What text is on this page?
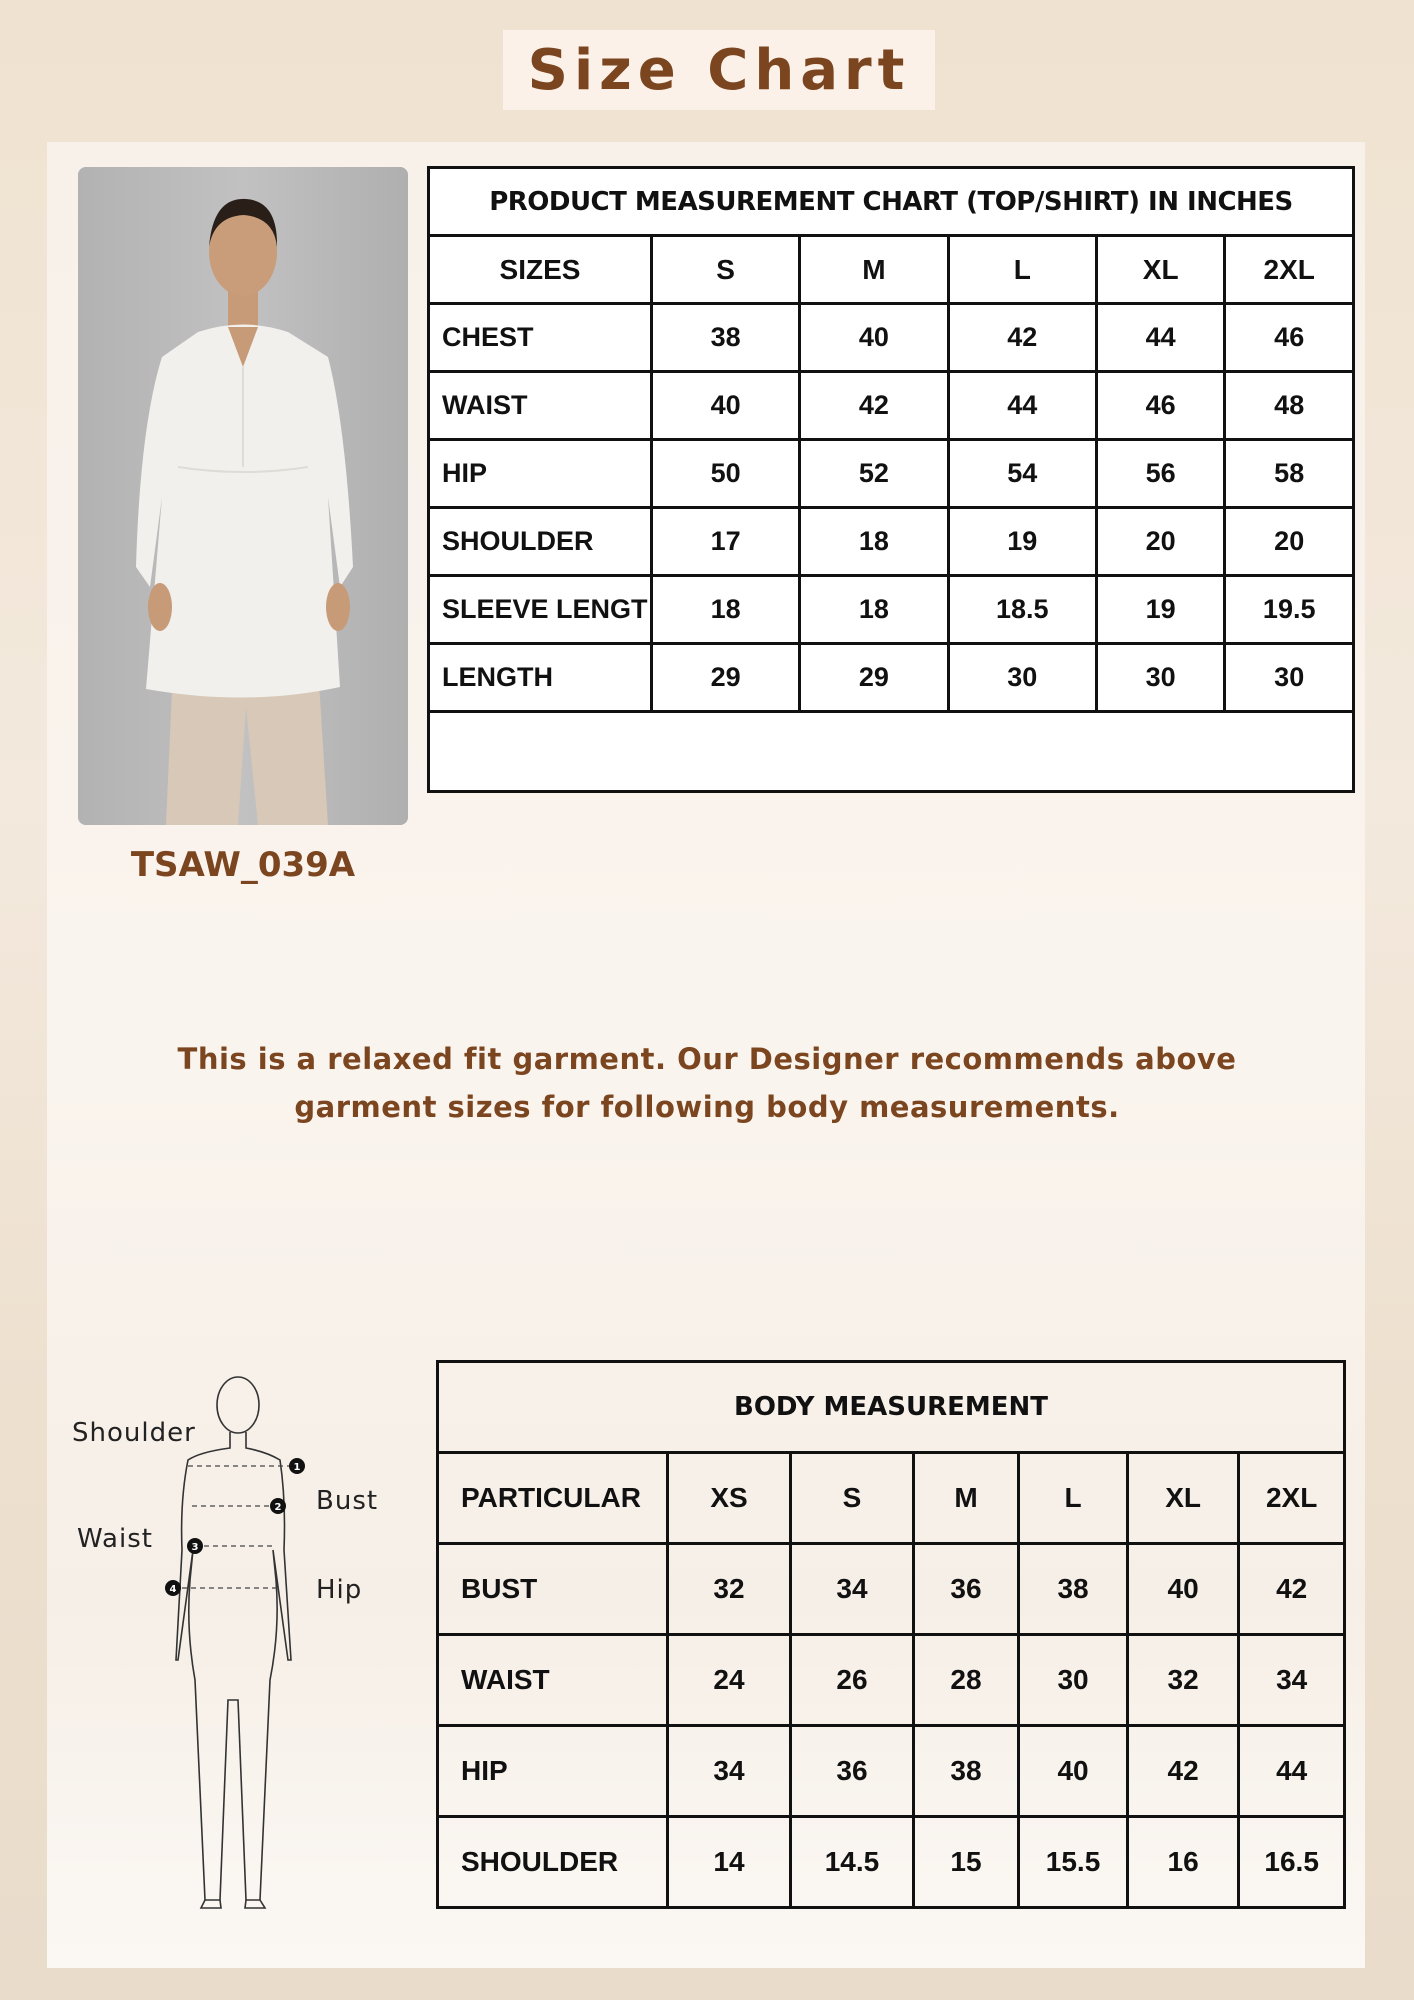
Size Chart
TSAW_039A
PRODUCT MEASUREMENT CHART (TOP/SHIRT) IN INCHES					
SIZES	S	M	L	XL	2XL
CHEST	38	40	42	44	46
WAIST	40	42	44	46	48
HIP	50	52	54	56	58
SHOULDER	17	18	19	20	20
SLEEVE LENGT	18	18	18.5	19	19.5
LENGTH	29	29	30	30	30

This is a relaxed fit garment. Our Designer recommends above garment sizes for following body measurements.
1
2
3
4
Shoulder
Bust
Waist
Hip
BODY MEASUREMENT						
PARTICULAR	XS	S	M	L	XL	2XL
BUST	32	34	36	38	40	42
WAIST	24	26	28	30	32	34
HIP	34	36	38	40	42	44
SHOULDER	14	14.5	15	15.5	16	16.5
